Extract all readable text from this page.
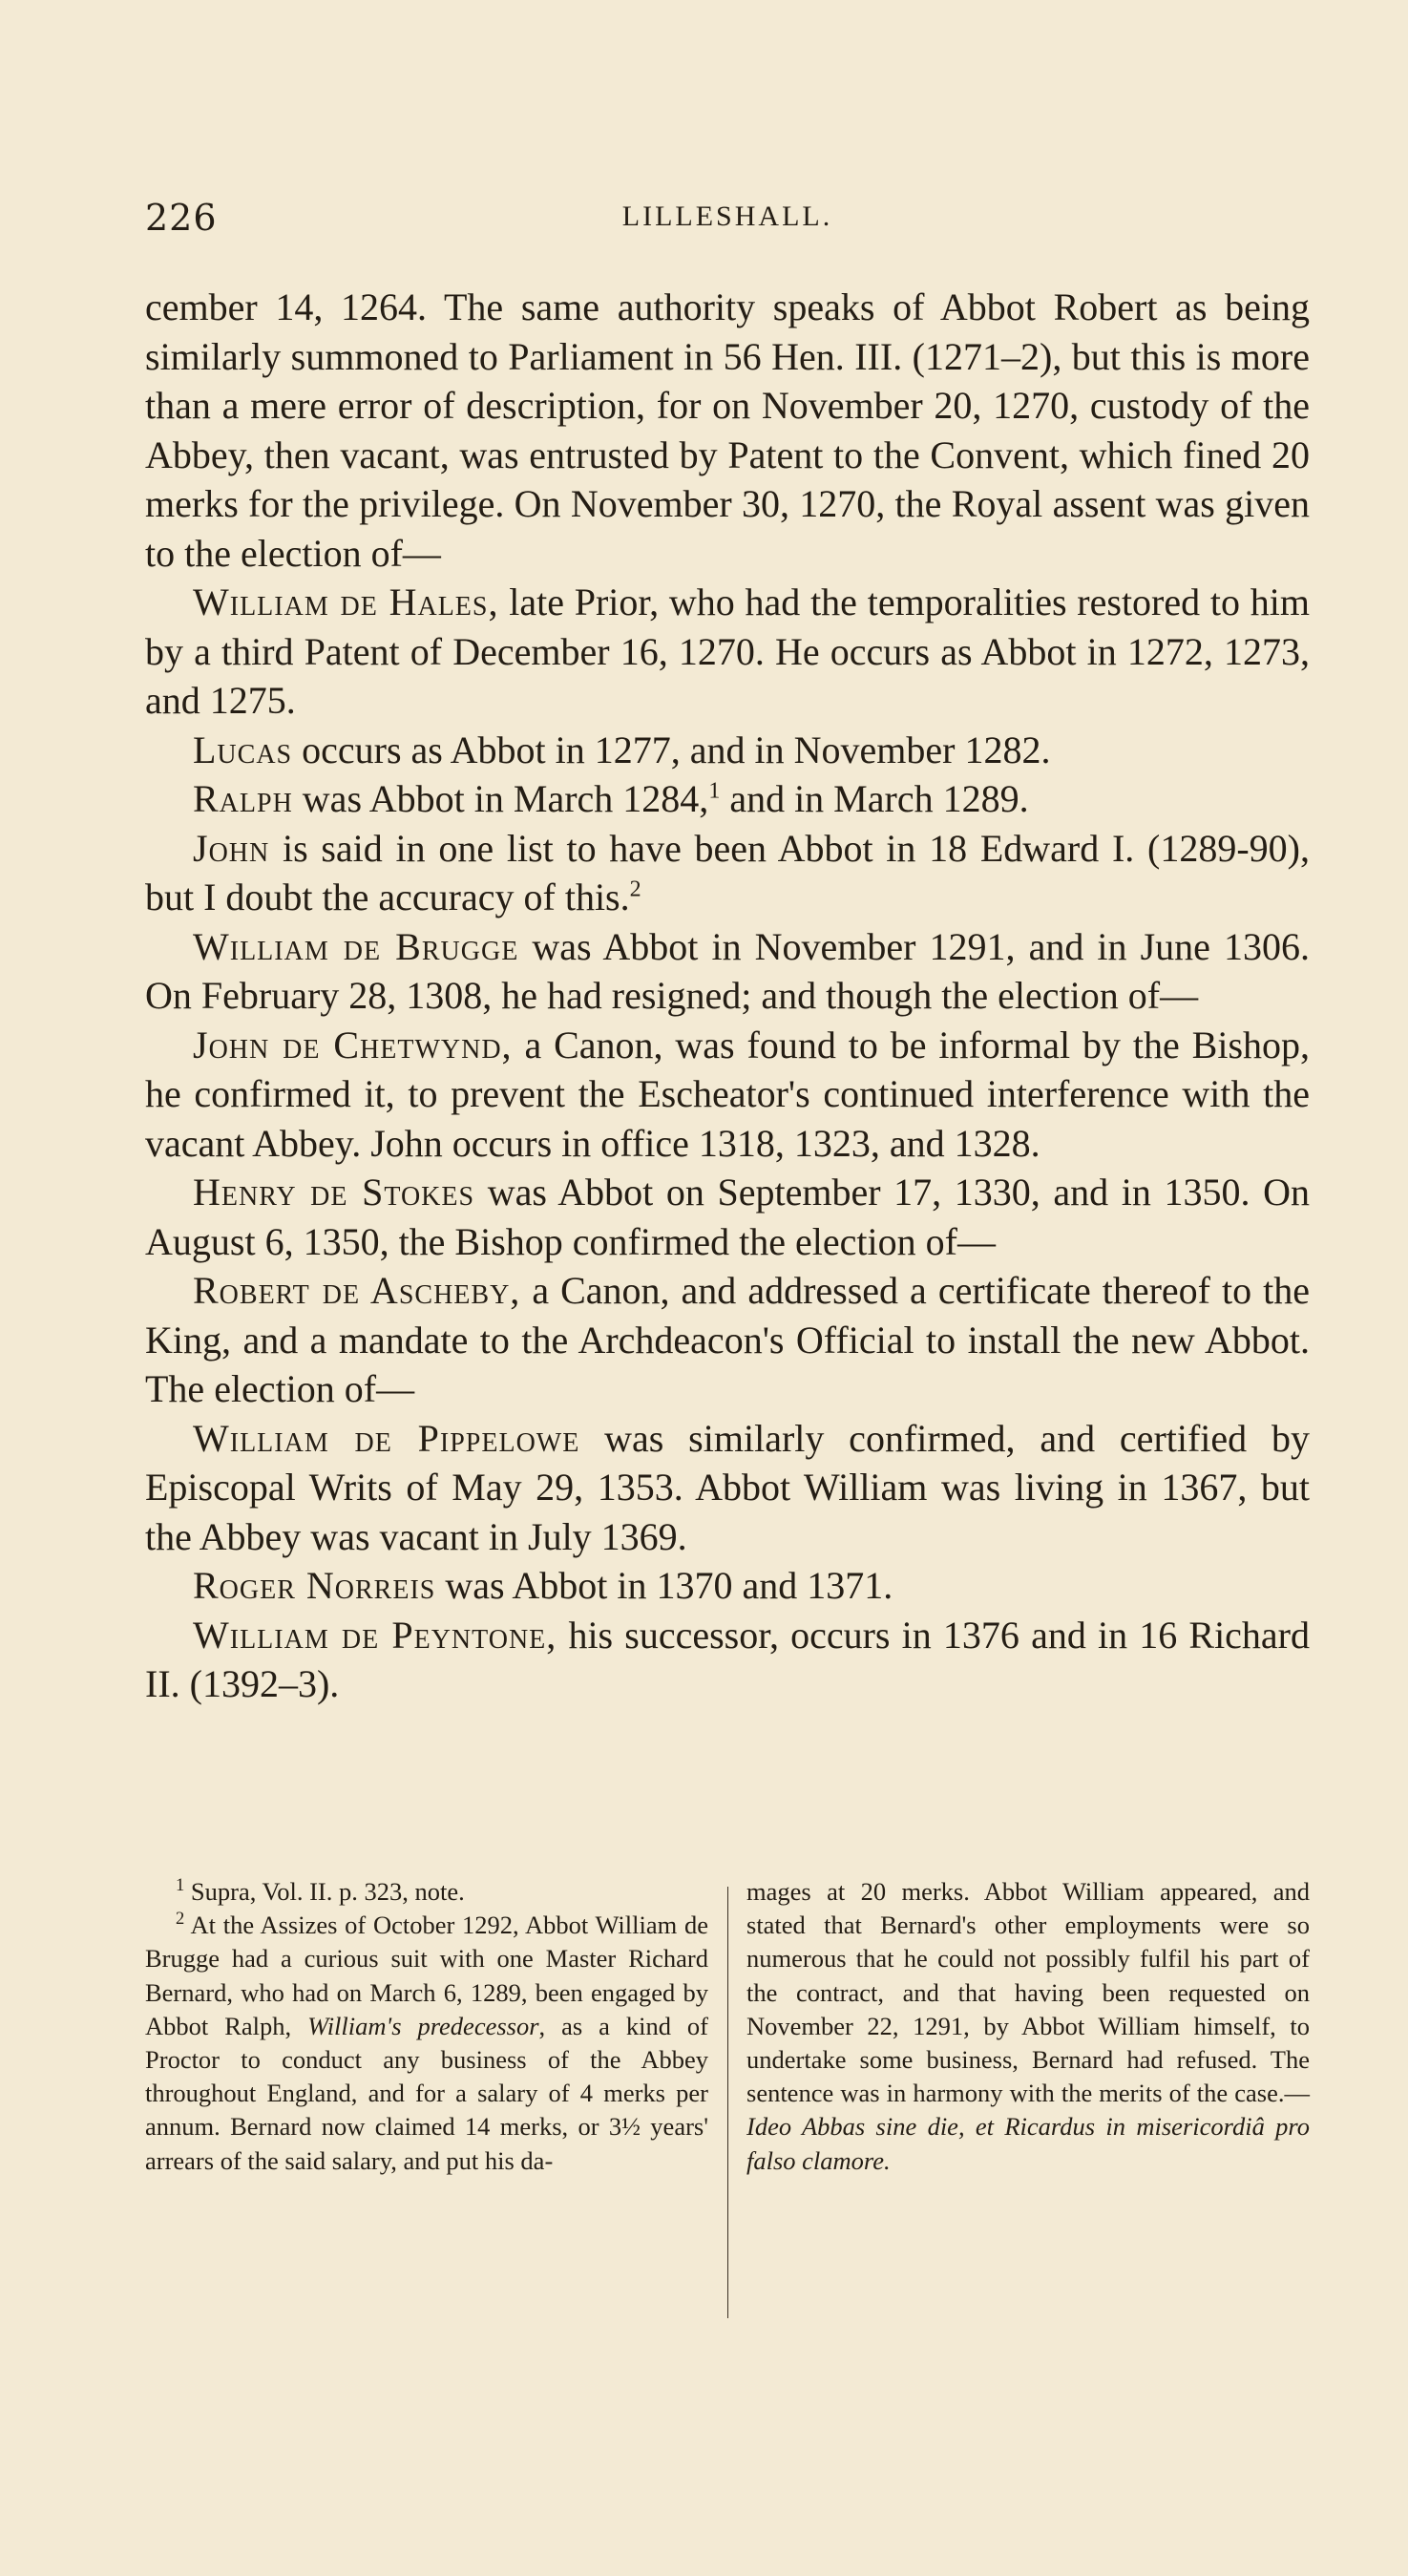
226	LILLESHALL.

cember 14, 1264. The same authority speaks of Abbot Robert as being similarly summoned to Parliament in 56 Hen. III. (1271–2), but this is more than a mere error of description, for on November 20, 1270, custody of the Abbey, then vacant, was entrusted by Patent to the Convent, which fined 20 merks for the privilege. On November 30, 1270, the Royal assent was given to the election of—

William de Hales, late Prior, who had the temporalities restored to him by a third Patent of December 16, 1270. He occurs as Abbot in 1272, 1273, and 1275.

Lucas occurs as Abbot in 1277, and in November 1282.

Ralph was Abbot in March 1284,$^1$ and in March 1289.

John is said in one list to have been Abbot in 18 Edward I. (1289-90), but I doubt the accuracy of this.$^2$

William de Brugge was Abbot in November 1291, and in June 1306. On February 28, 1308, he had resigned; and though the election of—

John de Chetwynd, a Canon, was found to be informal by the Bishop, he confirmed it, to prevent the Escheator's continued interference with the vacant Abbey. John occurs in office 1318, 1323, and 1328.

Henry de Stokes was Abbot on September 17, 1330, and in 1350. On August 6, 1350, the Bishop confirmed the election of—

Robert de Ascheby, a Canon, and addressed a certificate thereof to the King, and a mandate to the Archdeacon's Official to install the new Abbot. The election of—

William de Pippelowe was similarly confirmed, and certified by Episcopal Writs of May 29, 1353. Abbot William was living in 1367, but the Abbey was vacant in July 1369.

Roger Norreis was Abbot in 1370 and 1371.

William de Peyntone, his successor, occurs in 1376 and in 16 Richard II. (1392–3).

$^1$ Supra, Vol. II. p. 323, note.

$^2$ At the Assizes of October 1292, Abbot William de Brugge had a curious suit with one Master Richard Bernard, who had on March 6, 1289, been engaged by Abbot Ralph, William's predecessor, as a kind of Proctor to conduct any business of the Abbey throughout England, and for a salary of 4 merks per annum. Bernard now claimed 14 merks, or 3½ years' arrears of the said salary, and put his da-

mages at 20 merks. Abbot William appeared, and stated that Bernard's other employments were so numerous that he could not possibly fulfil his part of the contract, and that having been requested on November 22, 1291, by Abbot William himself, to undertake some business, Bernard had refused. The sentence was in harmony with the merits of the case.— Ideo Abbas sine die, et Ricardus in misericordiâ pro falso clamore.
